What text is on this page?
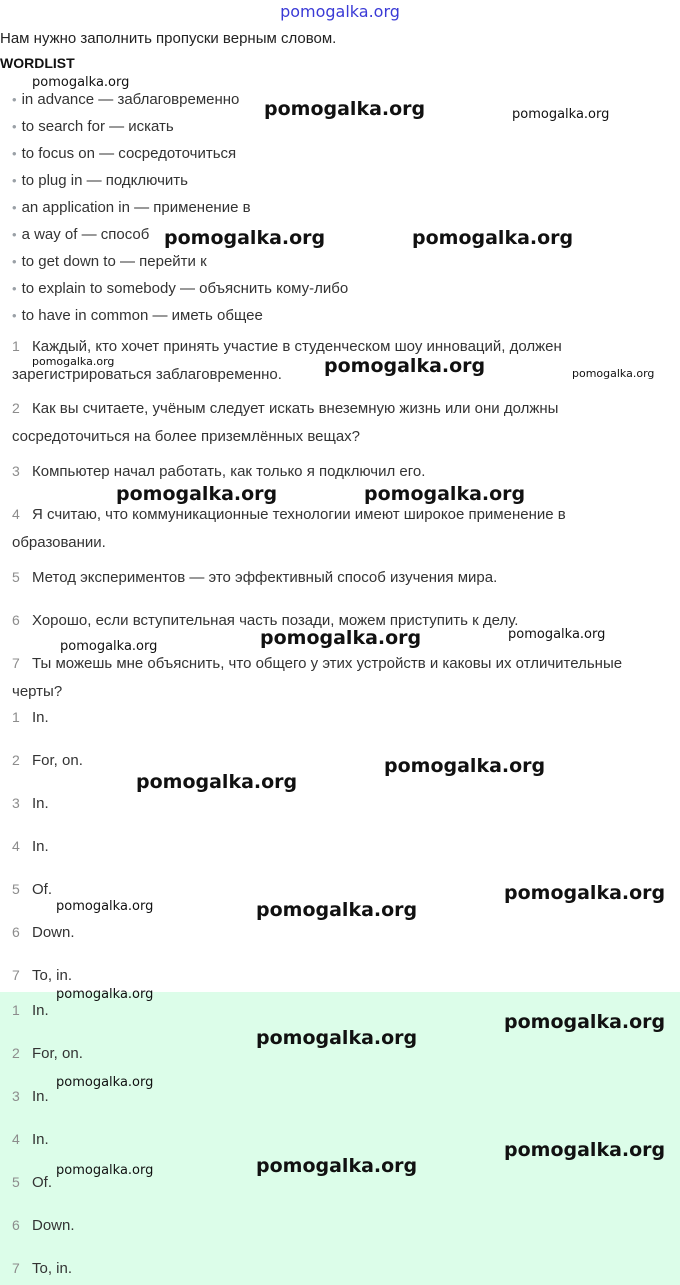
pomogalka.org
Нам нужно заполнить пропуски верным словом.
WORDLIST
• in advance — заблаговременно
• to search for — искать
• to focus on — сосредоточиться
• to plug in — подключить
• an application in — применение в
• a way of — способ
• to get down to — перейти к
• to explain to somebody — объяснить кому-либо
• to have in common — иметь общее
1 Каждый, кто хочет принять участие в студенческом шоу инноваций, должен
зарегистрироваться заблаговременно.
2 Как вы считаете, учёным следует искать внеземную жизнь или они должны
сосредоточиться на более приземлённых вещах?
3 Компьютер начал работать, как только я подключил его.
4 Я считаю, что коммуникационные технологии имеют широкое применение в
образовании.
5 Метод экспериментов — это эффективный способ изучения мира.
6 Хорошо, если вступительная часть позади, можем приступить к делу.
7 Ты можешь мне объяснить, что общего у этих устройств и каковы их отличительные
черты?
1 In.
2 For, on.
3 In.
4 In.
5 Of.
6 Down.
7 To, in.
1 In.
2 For, on.
3 In.
4 In.
5 Of.
6 Down.
7 To, in.
pomogalka.org
pomogalka.org	pomogalka.org
pomogalka.org	pomogalka.org
pomogalka.org	pomogalka.org	pomogalka.org
pomogalka.org	pomogalka.org
pomogalka.org	pomogalka.org	pomogalka.org
pomogalka.org
pomogalka.org
pomogalka.org
pomogalka.org	pomogalka.org
pomogalka.org
pomogalka.org
pomogalka.org
pomogalka.org
pomogalka.org
pomogalka.org	pomogalka.org
